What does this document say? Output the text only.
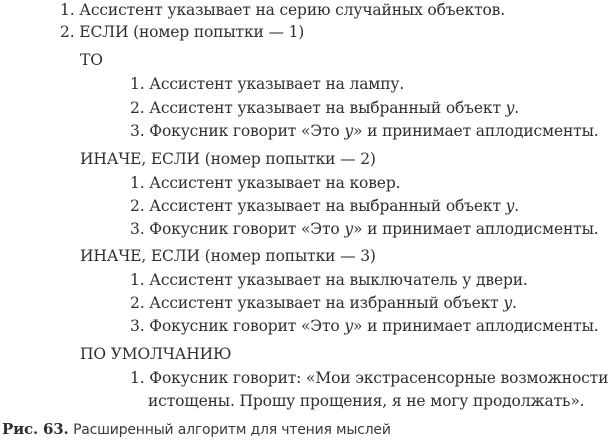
1. Ассистент указывает на серию случайных объектов.
2. ЕСЛИ (номер попытки — 1)
ТО
1. Ассистент указывает на лампу.
2. Ассистент указывает на выбранный объект y.
3. Фокусник говорит «Это y» и принимает аплодисменты.
ИНАЧЕ, ЕСЛИ (номер попытки — 2)
1. Ассистент указывает на ковер.
2. Ассистент указывает на выбранный объект y.
3. Фокусник говорит «Это y» и принимает аплодисменты.
ИНАЧЕ, ЕСЛИ (номер попытки — 3)
1. Ассистент указывает на выключатель у двери.
2. Ассистент указывает на избранный объект y.
3. Фокусник говорит «Это y» и принимает аплодисменты.
ПО УМОЛЧАНИЮ
1. Фокусник говорит: «Мои экстрасенсорные возможности
истощены. Прошу прощения, я не могу продолжать».
Рис. 63. Расширенный алгоритм для чтения мыслей
